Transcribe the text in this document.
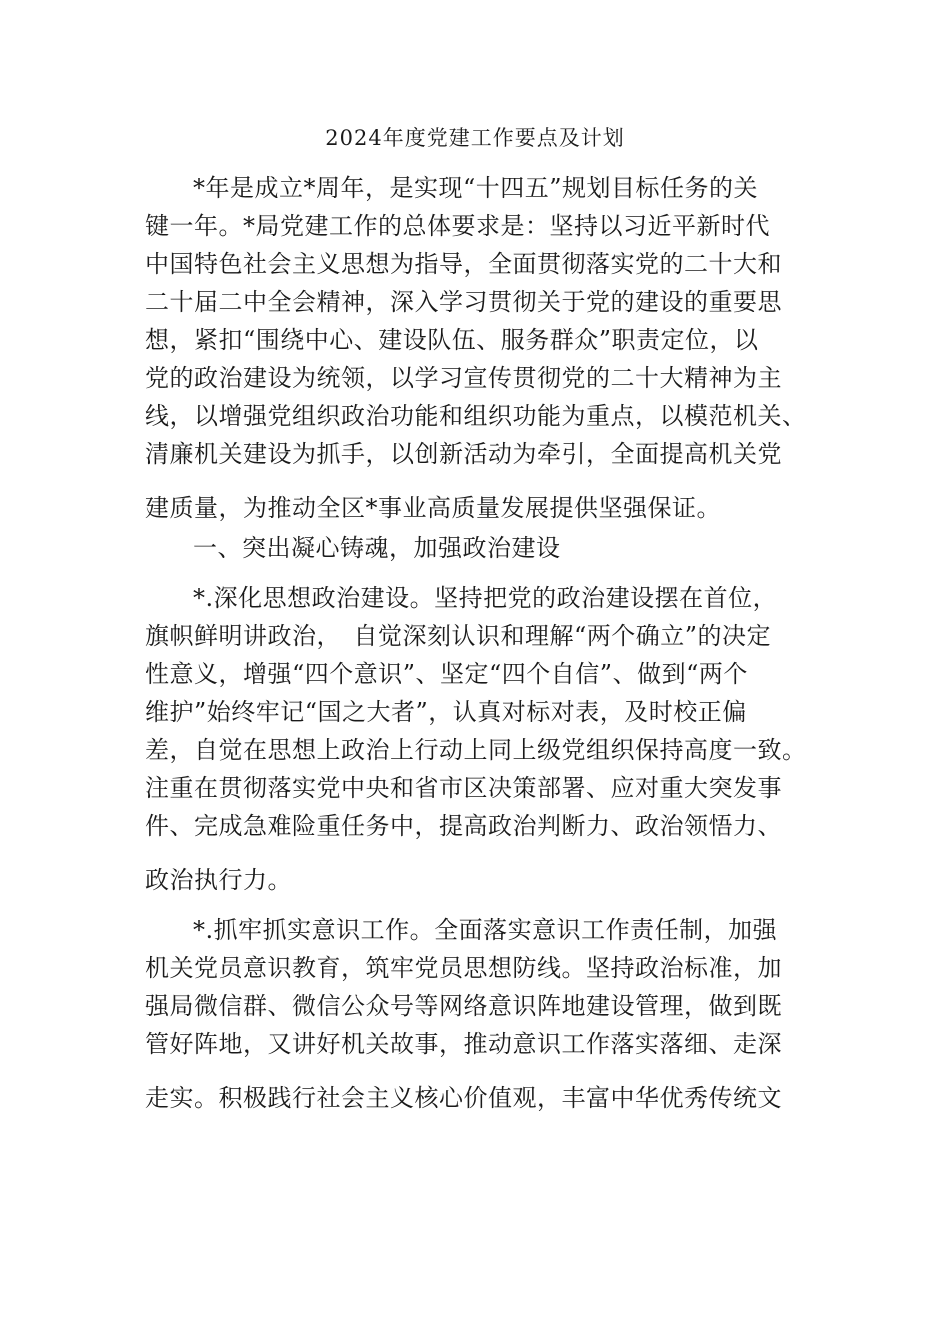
2024年度党建工作要点及计划
*年是成立*周年，是实现“十四五”规划目标任务的关
键一年。*局党建工作的总体要求是：坚持以习近平新时代
中国特色社会主义思想为指导，全面贯彻落实党的二十大和
二十届二中全会精神，深入学习贯彻关于党的建设的重要思
想，紧扣“围绕中心、建设队伍、服务群众”职责定位，以
党的政治建设为统领，以学习宣传贯彻党的二十大精神为主
线，以增强党组织政治功能和组织功能为重点，以模范机关、
清廉机关建设为抓手，以创新活动为牵引，全面提高机关党
建质量，为推动全区*事业高质量发展提供坚强保证。
一、突出凝心铸魂，加强政治建设
*.深化思想政治建设。坚持把党的政治建设摆在首位，
旗帜鲜明讲政治，　自觉深刻认识和理解“两个确立”的决定
性意义，增强“四个意识”、坚定“四个自信”、做到“两个
维护”始终牢记“国之大者”，认真对标对表，及时校正偏
差，自觉在思想上政治上行动上同上级党组织保持高度一致。
注重在贯彻落实党中央和省市区决策部署、应对重大突发事
件、完成急难险重任务中，提高政治判断力、政治领悟力、
政治执行力。
*.抓牢抓实意识工作。全面落实意识工作责任制，加强
机关党员意识教育，筑牢党员思想防线。坚持政治标准，加
强局微信群、微信公众号等网络意识阵地建设管理，做到既
管好阵地，又讲好机关故事，推动意识工作落实落细、走深
走实。积极践行社会主义核心价值观，丰富中华优秀传统文
